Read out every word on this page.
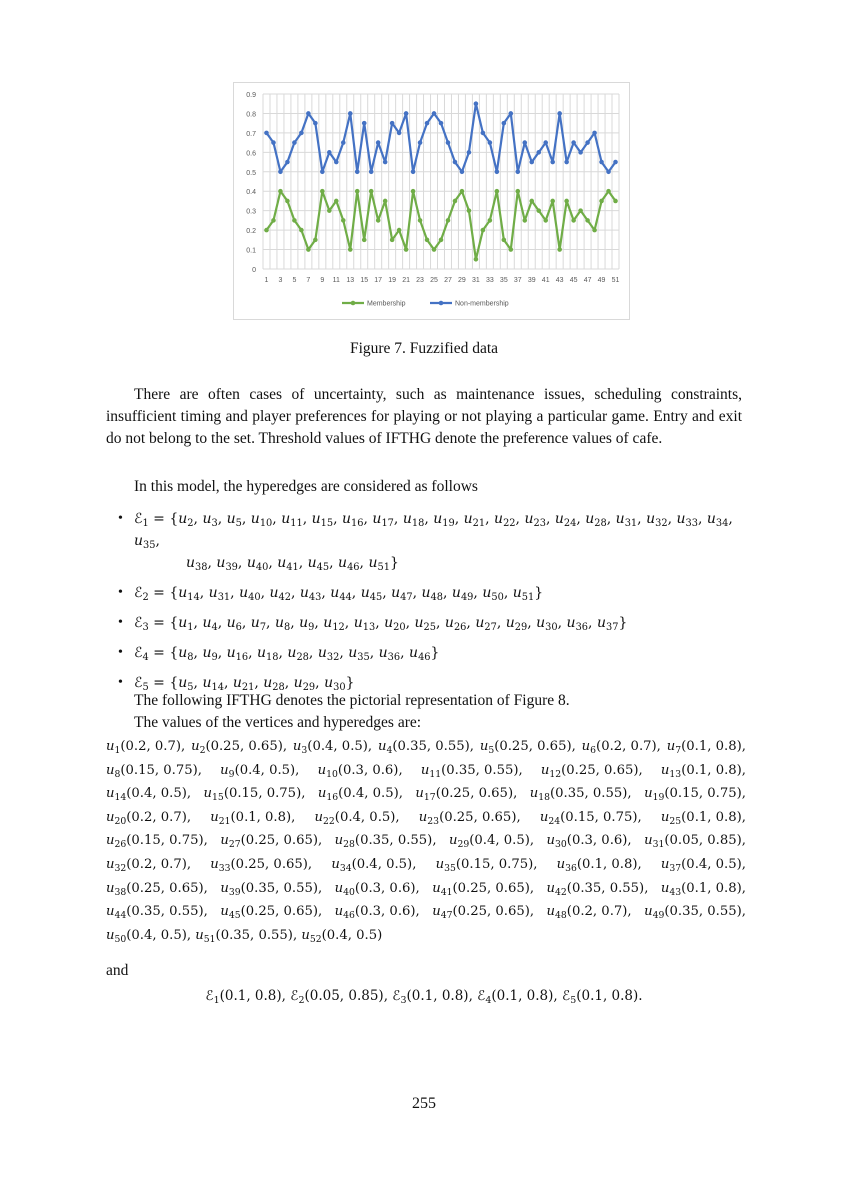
0
0.1
0.2
0.3
0.4
0.5
0.6
0.7
0.8
0.9
1 3 5 7 9 11 13 15 17 19 21 23 25 27 29 31 33 35 37 39 41 43 45 47 49 51
Membership	Non-membership
Figure 7. Fuzzified data
There are often cases of uncertainty, such as maintenance issues, scheduling constraints, insufficient timing and player preferences for playing or not playing a particular game. Entry and exit do not belong to the set. Threshold values of IFTHG denote the preference values of cafe.
In this model, the hyperedges are considered as follows
• ℰ$_1$ = {$u_2$, $u_3$, $u_5$, $u_{10}$, $u_{11}$, $u_{15}$, $u_{16}$, $u_{17}$, $u_{18}$, $u_{19}$, $u_{21}$, $u_{22}$, $u_{23}$, $u_{24}$, $u_{28}$, $u_{31}$, $u_{32}$, $u_{33}$, $u_{34}$, $u_{35}$,
$u_{38}$, $u_{39}$, $u_{40}$, $u_{41}$, $u_{45}$, $u_{46}$, $u_{51}$}
• ℰ$_2$ = {$u_{14}$, $u_{31}$, $u_{40}$, $u_{42}$, $u_{43}$, $u_{44}$, $u_{45}$, $u_{47}$, $u_{48}$, $u_{49}$, $u_{50}$, $u_{51}$}
• ℰ$_3$ = {$u_1$, $u_4$, $u_6$, $u_7$, $u_8$, $u_9$, $u_{12}$, $u_{13}$, $u_{20}$, $u_{25}$, $u_{26}$, $u_{27}$, $u_{29}$, $u_{30}$, $u_{36}$, $u_{37}$}
• ℰ$_4$ = {$u_8$, $u_9$, $u_{16}$, $u_{18}$, $u_{28}$, $u_{32}$, $u_{35}$, $u_{36}$, $u_{46}$}
• ℰ$_5$ = {$u_5$, $u_{14}$, $u_{21}$, $u_{28}$, $u_{29}$, $u_{30}$}
The following IFTHG denotes the pictorial representation of Figure 8.
The values of the vertices and hyperedges are:
$u_1(0.2$, 0.7), $u_2(0.25$, 0.65), $u_3(0.4$, 0.5), $u_4(0.35$, 0.55), $u_5(0.25$, 0.65), $u_6(0.2$, 0.7), $u_7(0.1$, 0.8),
$u_8(0.15$, 0.75), $u_9(0.4$, 0.5), $u_{10}(0.3$, 0.6), $u_{11}(0.35$, 0.55), $u_{12}(0.25$, 0.65), $u_{13}(0.1$, 0.8),
$u_{14}(0.4$, 0.5), $u_{15}(0.15$, 0.75), $u_{16}(0.4$, 0.5), $u_{17}(0.25$, 0.65), $u_{18}(0.35$, 0.55), $u_{19}(0.15$, 0.75),
$u_{20}(0.2$, 0.7), $u_{21}(0.1$, 0.8), $u_{22}(0.4$, 0.5), $u_{23}(0.25$, 0.65), $u_{24}(0.15$, 0.75), $u_{25}(0.1$, 0.8),
$u_{26}(0.15$, 0.75), $u_{27}(0.25$, 0.65), $u_{28}(0.35$, 0.55), $u_{29}(0.4$, 0.5), $u_{30}(0.3$, 0.6), $u_{31}(0.05$, 0.85),
$u_{32}(0.2$, 0.7), $u_{33}(0.25$, 0.65), $u_{34}(0.4$, 0.5), $u_{35}(0.15$, 0.75), $u_{36}(0.1$, 0.8), $u_{37}(0.4$, 0.5),
$u_{38}(0.25$, 0.65), $u_{39}(0.35$, 0.55), $u_{40}(0.3$, 0.6), $u_{41}(0.25$, 0.65), $u_{42}(0.35$, 0.55), $u_{43}(0.1$, 0.8),
$u_{44}(0.35$, 0.55), $u_{45}(0.25$, 0.65), $u_{46}(0.3$, 0.6), $u_{47}(0.25$, 0.65), $u_{48}(0.2$, 0.7), $u_{49}(0.35$, 0.55),
$u_{50}(0.4$, 0.5), $u_{51}(0.35$, 0.55), $u_{52}(0.4$, 0.5)
and
ℰ$_1$(0.1, 0.8), ℰ$_2$(0.05, 0.85), ℰ$_3$(0.1, 0.8), ℰ$_4$(0.1, 0.8), ℰ$_5$(0.1, 0.8).
255
